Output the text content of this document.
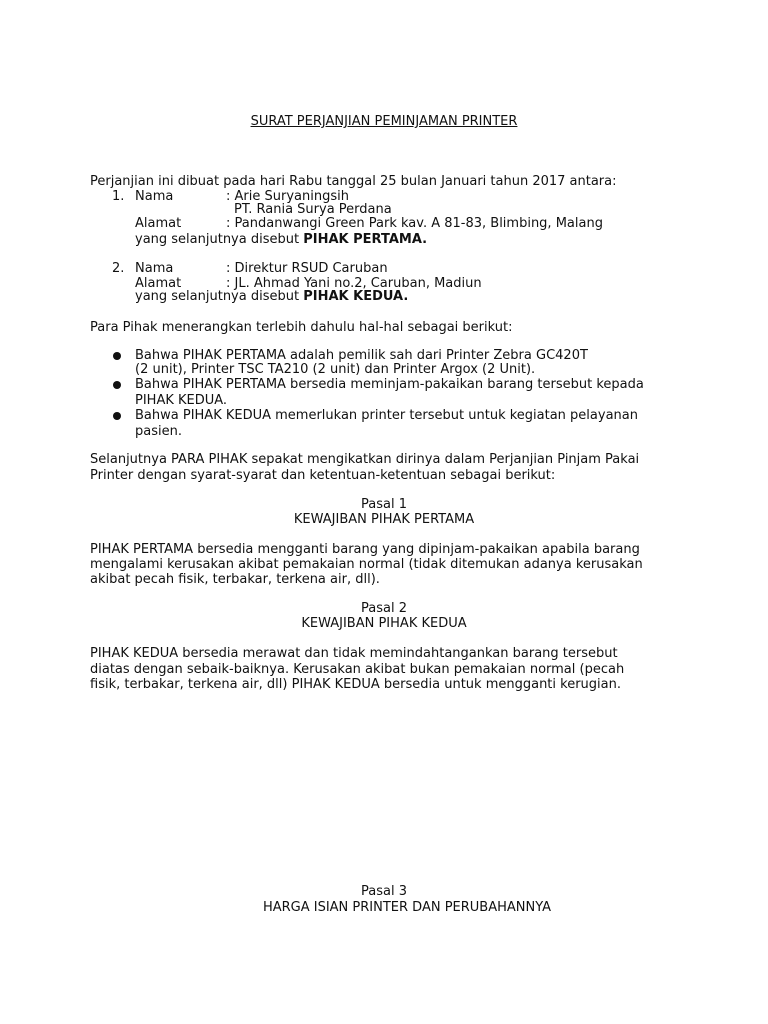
SURAT PERJANJIAN PEMINJAMAN PRINTER
Perjanjian ini dibuat pada hari Rabu tanggal 25 bulan Januari tahun 2017 antara:
1. Nama	: Arie Suryaningsih
PT. Rania Surya Perdana
Alamat	: Pandanwangi Green Park kav. A 81-83, Blimbing, Malang
yang selanjutnya disebut PIHAK PERTAMA.
2. Nama	: Direktur RSUD Caruban
Alamat	: JL. Ahmad Yani no.2, Caruban, Madiun
yang selanjutnya disebut PIHAK KEDUA.
Para Pihak menerangkan terlebih dahulu hal-hal sebagai berikut:
Bahwa PIHAK PERTAMA adalah pemilik sah dari Printer Zebra GC420T
(2 unit), Printer TSC TA210 (2 unit) dan Printer Argox (2 Unit).
Bahwa PIHAK PERTAMA bersedia meminjam-pakaikan barang tersebut kepada
PIHAK KEDUA.
Bahwa PIHAK KEDUA memerlukan printer tersebut untuk kegiatan pelayanan
pasien.
Selanjutnya PARA PIHAK sepakat mengikatkan dirinya dalam Perjanjian Pinjam Pakai
Printer dengan syarat-syarat dan ketentuan-ketentuan sebagai berikut:
Pasal 1
KEWAJIBAN PIHAK PERTAMA
PIHAK PERTAMA bersedia mengganti barang yang dipinjam-pakaikan apabila barang
mengalami kerusakan akibat pemakaian normal (tidak ditemukan adanya kerusakan
akibat pecah fisik, terbakar, terkena air, dll).
Pasal 2
KEWAJIBAN PIHAK KEDUA
PIHAK KEDUA bersedia merawat dan tidak memindahtangankan barang tersebut
diatas dengan sebaik-baiknya. Kerusakan akibat bukan pemakaian normal (pecah
fisik, terbakar, terkena air, dll) PIHAK KEDUA bersedia untuk mengganti kerugian.
Pasal 3
HARGA ISIAN PRINTER DAN PERUBAHANNYA
